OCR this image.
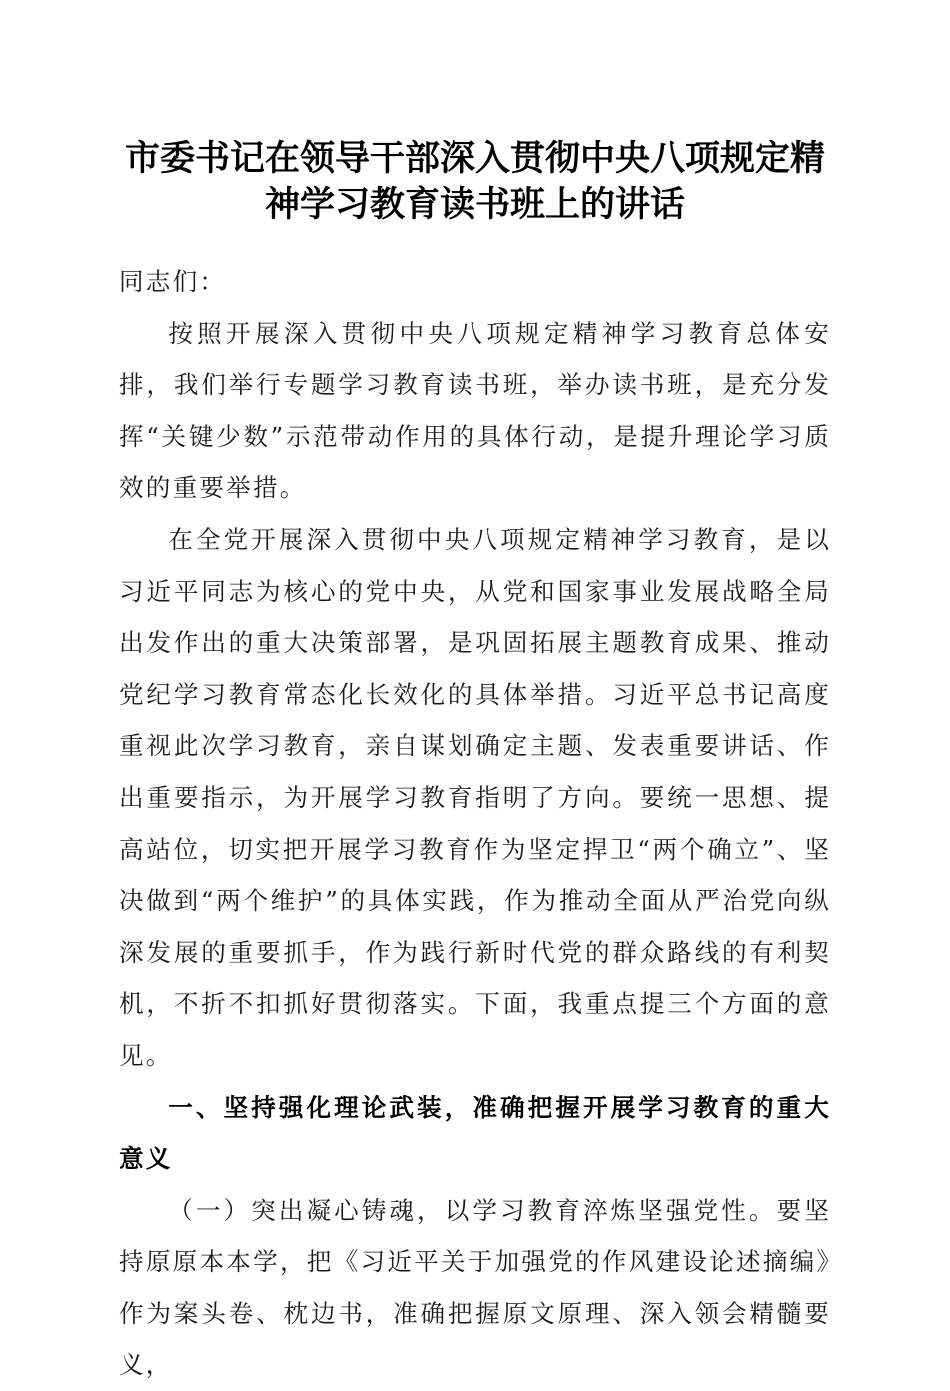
市委书记在领导干部深入贯彻中央八项规定精
神学习教育读书班上的讲话

同志们：

按照开展深入贯彻中央八项规定精神学习教育总体安排，我们举行专题学习教育读书班，举办读书班，是充分发挥“关键少数”示范带动作用的具体行动，是提升理论学习质效的重要举措。

在全党开展深入贯彻中央八项规定精神学习教育，是以习近平同志为核心的党中央，从党和国家事业发展战略全局出发作出的重大决策部署，是巩固拓展主题教育成果、推动党纪学习教育常态化长效化的具体举措。习近平总书记高度重视此次学习教育，亲自谋划确定主题、发表重要讲话、作出重要指示，为开展学习教育指明了方向。要统一思想、提高站位，切实把开展学习教育作为坚定捍卫“两个确立”、坚决做到“两个维护”的具体实践，作为推动全面从严治党向纵深发展的重要抓手，作为践行新时代党的群众路线的有利契机，不折不扣抓好贯彻落实。下面，我重点提三个方面的意见。

一、坚持强化理论武装，准确把握开展学习教育的重大意义

（一）突出凝心铸魂，以学习教育淬炼坚强党性。要坚持原原本本学，把《习近平关于加强党的作风建设论述摘编》作为案头卷、枕边书，准确把握原文原理、深入领会精髓要义，
